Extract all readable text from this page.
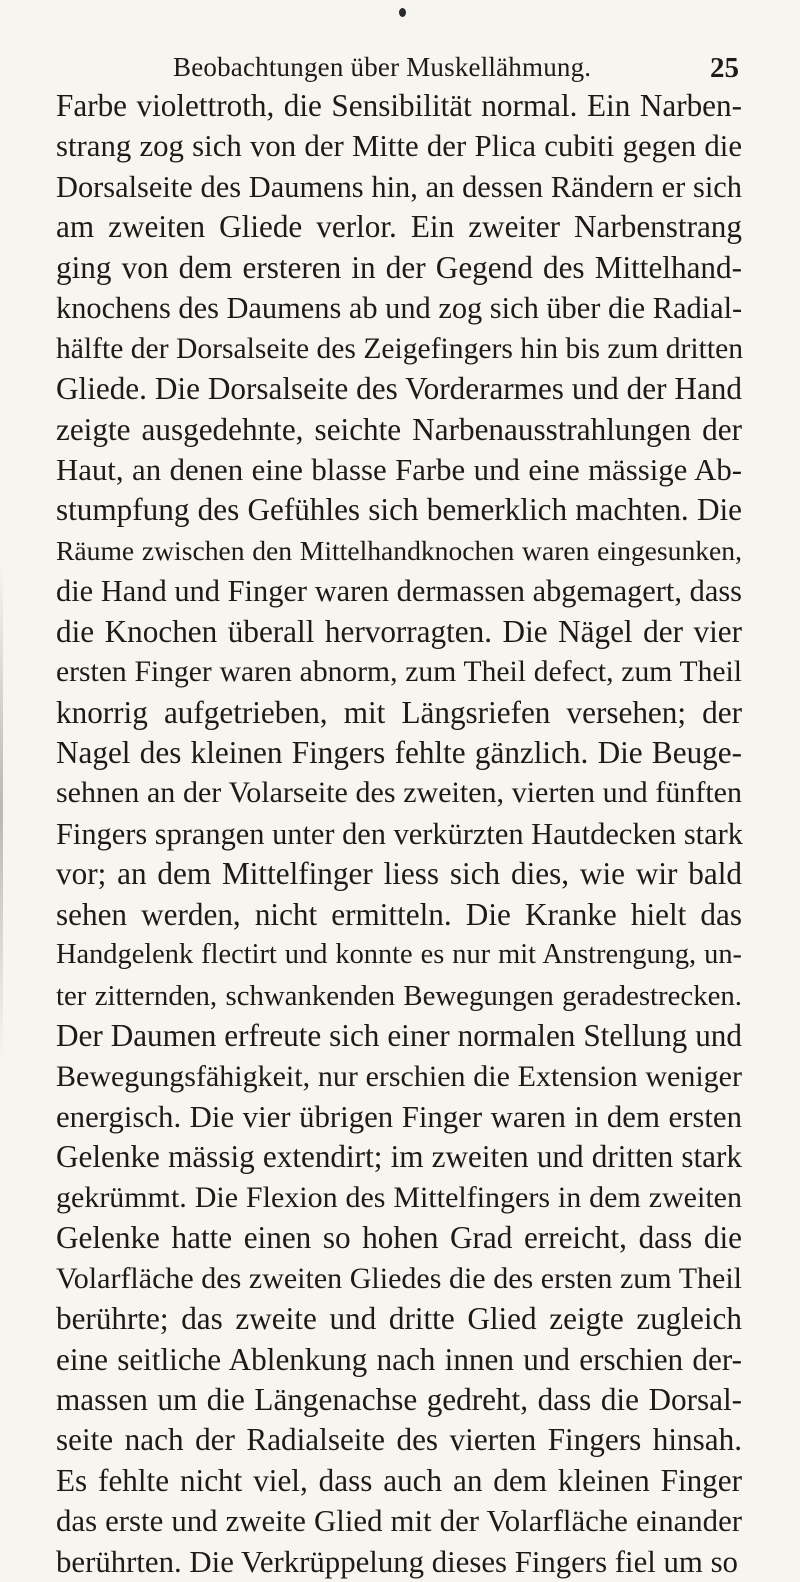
Beobachtungen über Muskellähmung.	25
Farbe violettroth, die Sensibilität normal. Ein Narben-
strang zog sich von der Mitte der Plica cubiti gegen die
Dorsalseite des Daumens hin, an dessen Rändern er sich
am zweiten Gliede verlor. Ein zweiter Narbenstrang
ging von dem ersteren in der Gegend des Mittelhand-
knochens des Daumens ab und zog sich über die Radial-
hälfte der Dorsalseite des Zeigefingers hin bis zum dritten
Gliede. Die Dorsalseite des Vorderarmes und der Hand
zeigte ausgedehnte, seichte Narbenausstrahlungen der
Haut, an denen eine blasse Farbe und eine mässige Ab-
stumpfung des Gefühles sich bemerklich machten. Die
Räume zwischen den Mittelhandknochen waren eingesunken,
die Hand und Finger waren dermassen abgemagert, dass
die Knochen überall hervorragten. Die Nägel der vier
ersten Finger waren abnorm, zum Theil defect, zum Theil
knorrig aufgetrieben, mit Längsriefen versehen; der
Nagel des kleinen Fingers fehlte gänzlich. Die Beuge-
sehnen an der Volarseite des zweiten, vierten und fünften
Fingers sprangen unter den verkürzten Hautdecken stark
vor; an dem Mittelfinger liess sich dies, wie wir bald
sehen werden, nicht ermitteln. Die Kranke hielt das
Handgelenk flectirt und konnte es nur mit Anstrengung, un-
ter zitternden, schwankenden Bewegungen geradestrecken.
Der Daumen erfreute sich einer normalen Stellung und
Bewegungsfähigkeit, nur erschien die Extension weniger
energisch. Die vier übrigen Finger waren in dem ersten
Gelenke mässig extendirt; im zweiten und dritten stark
gekrümmt. Die Flexion des Mittelfingers in dem zweiten
Gelenke hatte einen so hohen Grad erreicht, dass die
Volarfläche des zweiten Gliedes die des ersten zum Theil
berührte; das zweite und dritte Glied zeigte zugleich
eine seitliche Ablenkung nach innen und erschien der-
massen um die Längenachse gedreht, dass die Dorsal-
seite nach der Radialseite des vierten Fingers hinsah.
Es fehlte nicht viel, dass auch an dem kleinen Finger
das erste und zweite Glied mit der Volarfläche einander
berührten. Die Verkrüppelung dieses Fingers fiel um so
